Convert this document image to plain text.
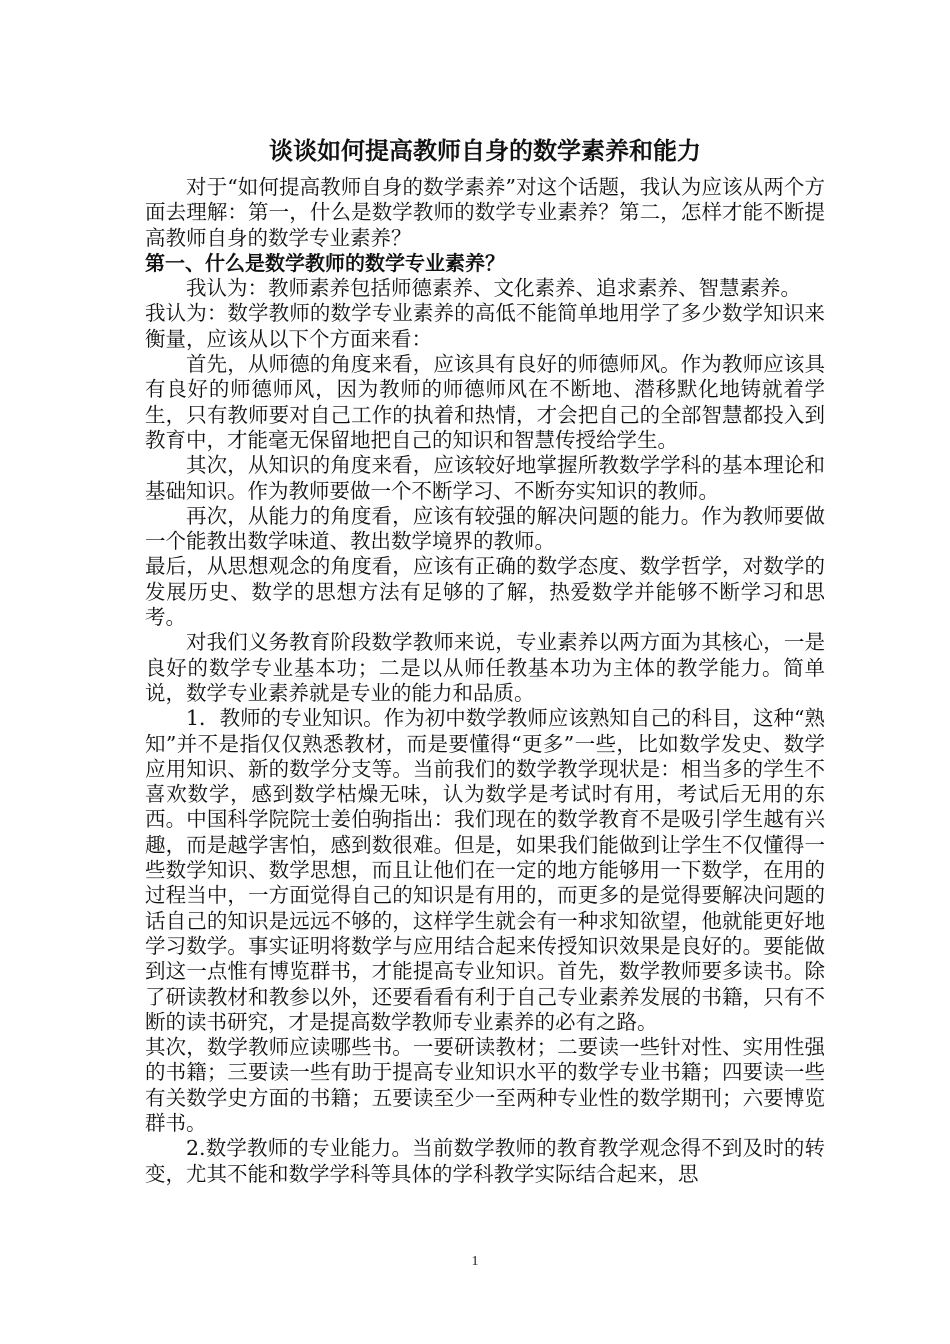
谈谈如何提高教师自身的数学素养和能力

对于“如何提高教师自身的数学素养”对这个话题，我认为应该从两个方面去理解：第一，什么是数学教师的数学专业素养？第二，怎样才能不断提高教师自身的数学专业素养？

第一、什么是数学教师的数学专业素养？

我认为：教师素养包括师德素养、文化素养、追求素养、智慧素养。

我认为：数学教师的数学专业素养的高低不能简单地用学了多少数学知识来衡量，应该从以下个方面来看：

首先，从师德的角度来看，应该具有良好的师德师风。作为教师应该具有良好的师德师风，因为教师的师德师风在不断地、潜移默化地铸就着学生，只有教师要对自己工作的执着和热情，才会把自己的全部智慧都投入到教育中，才能毫无保留地把自己的知识和智慧传授给学生。

其次，从知识的角度来看，应该较好地掌握所教数学学科的基本理论和基础知识。作为教师要做一个不断学习、不断夯实知识的教师。

再次，从能力的角度看，应该有较强的解决问题的能力。作为教师要做一个能教出数学味道、教出数学境界的教师。

最后，从思想观念的角度看，应该有正确的数学态度、数学哲学，对数学的发展历史、数学的思想方法有足够的了解，热爱数学并能够不断学习和思考。

对我们义务教育阶段数学教师来说，专业素养以两方面为其核心，一是良好的数学专业基本功；二是以从师任教基本功为主体的教学能力。简单说，数学专业素养就是专业的能力和品质。

1．教师的专业知识。作为初中数学教师应该熟知自己的科目，这种“熟知”并不是指仅仅熟悉教材，而是要懂得“更多”一些，比如数学发史、数学应用知识、新的数学分支等。当前我们的数学教学现状是：相当多的学生不喜欢数学，感到数学枯燥无味，认为数学是考试时有用，考试后无用的东西。中国科学院院士姜伯驹指出：我们现在的数学教育不是吸引学生越有兴趣，而是越学害怕，感到数很难。但是，如果我们能做到让学生不仅懂得一些数学知识、数学思想，而且让他们在一定的地方能够用一下数学，在用的过程当中，一方面觉得自己的知识是有用的，而更多的是觉得要解决问题的话自己的知识是远远不够的，这样学生就会有一种求知欲望，他就能更好地学习数学。事实证明将数学与应用结合起来传授知识效果是良好的。要能做到这一点惟有博览群书，才能提高专业知识。首先，数学教师要多读书。除了研读教材和教参以外，还要看看有利于自己专业素养发展的书籍，只有不断的读书研究，才是提高数学教师专业素养的必有之路。

其次，数学教师应读哪些书。一要研读教材；二要读一些针对性、实用性强的书籍；三要读一些有助于提高专业知识水平的数学专业书籍；四要读一些有关数学史方面的书籍；五要读至少一至两种专业性的数学期刊；六要博览群书。

2.数学教师的专业能力。当前数学教师的教育教学观念得不到及时的转变，尤其不能和数学学科等具体的学科教学实际结合起来，思

1
